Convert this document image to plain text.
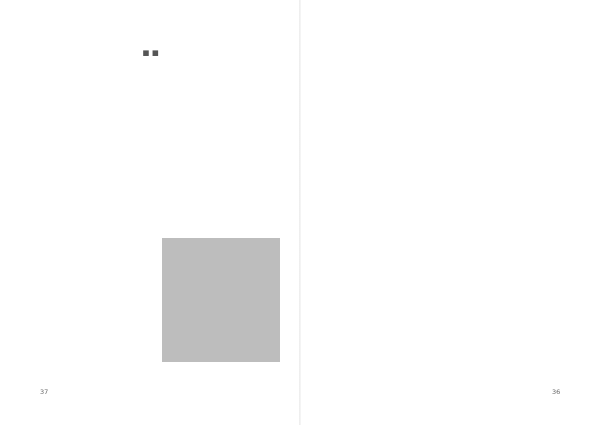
■
■
37	36
